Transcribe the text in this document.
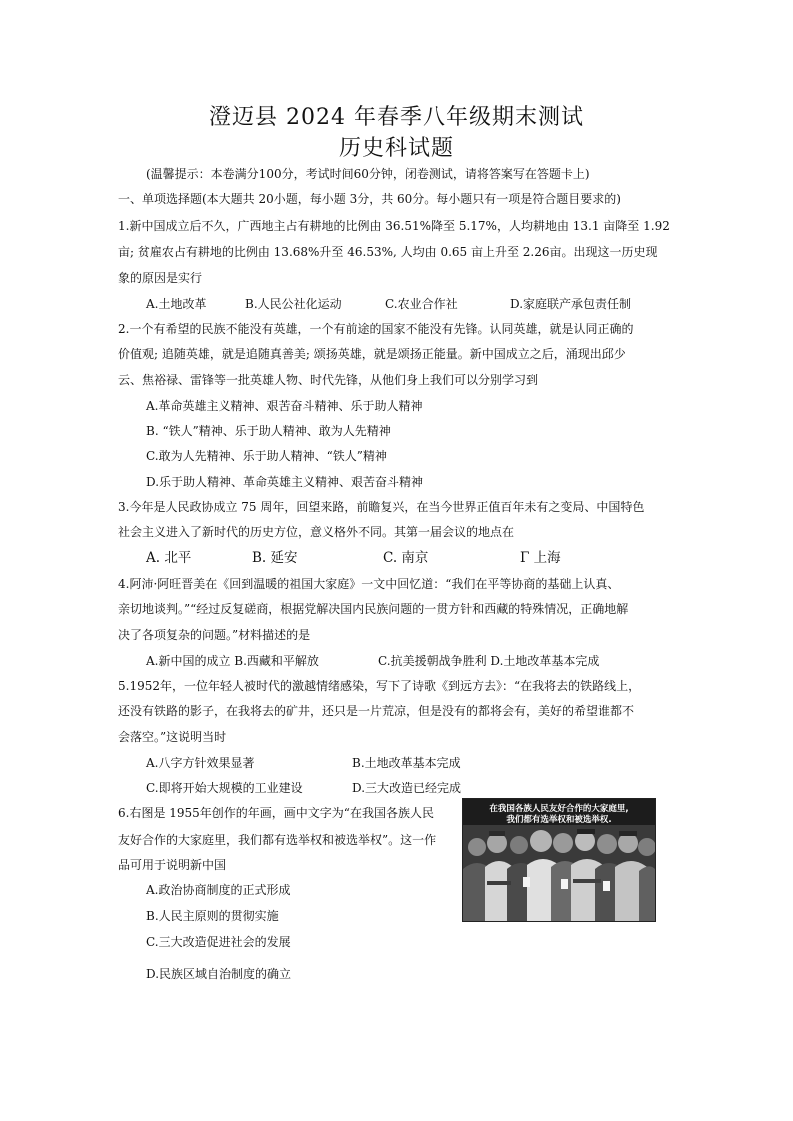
澄迈县 2024 年春季八年级期末测试
历史科试题
(温馨提示：本卷满分100分，考试时间60分钟，闭卷测试，请将答案写在答题卡上)
一、单项选择题(本大题共 20小题，每小题 3分，共 60分。每小题只有一项是符合题目要求的)
1.新中国成立后不久，广西地主占有耕地的比例由 36.51%降至 5.17%，人均耕地由 13.1 亩降至 1.92
亩; 贫雇农占有耕地的比例由 13.68%升至 46.53%, 人均由 0.65 亩上升至 2.26亩。出现这一历史现
象的原因是实行
A.土地改革	B.人民公社化运动	C.农业合作社	D.家庭联产承包责任制
2.一个有希望的民族不能没有英雄，一个有前途的国家不能没有先锋。认同英雄，就是认同正确的
价值观; 追随英雄，就是追随真善美; 颂扬英雄，就是颂扬正能量。新中国成立之后，涌现出邱少
云、焦裕禄、雷锋等一批英雄人物、时代先锋，从他们身上我们可以分别学习到
A.革命英雄主义精神、艰苦奋斗精神、乐于助人精神
B. “铁人”精神、乐于助人精神、敢为人先精神
C.敢为人先精神、乐于助人精神、“铁人”精神
D.乐于助人精神、革命英雄主义精神、艰苦奋斗精神
3.今年是人民政协成立 75 周年，回望来路，前瞻复兴，在当今世界正值百年未有之变局、中国特色
社会主义进入了新时代的历史方位，意义格外不同。其第一届会议的地点在
A. 北平	B. 延安	C. 南京	Γ 上海
4.阿沛·阿旺晋美在《回到温暖的祖国大家庭》一文中回忆道：“我们在平等协商的基础上认真、
亲切地谈判。”“经过反复磋商，根据党解决国内民族问题的一贯方针和西藏的特殊情况，正确地解
决了各项复杂的问题。”材料描述的是
A.新中国的成立 B.西藏和平解放	C.抗美援朝战争胜利 D.土地改革基本完成
5.1952年，一位年轻人被时代的激越情绪感染，写下了诗歌《到远方去》：“在我将去的铁路线上，
还没有铁路的影子，在我将去的矿井，还只是一片荒凉，但是没有的都将会有，美好的希望谁都不
会落空。”这说明当时
A.八字方针效果显著	B.土地改革基本完成
C.即将开始大规模的工业建设	D.三大改造已经完成
6.右图是 1955年创作的年画，画中文字为“在我国各族人民
友好合作的大家庭里，我们都有选举权和被选举权”。这一作
品可用于说明新中国
A.政治协商制度的正式形成
B.人民主原则的贯彻实施
C.三大改造促进社会的发展
D.民族区域自治制度的确立
在我国各族人民友好合作的大家庭里,
我们都有选举权和被选举权.
